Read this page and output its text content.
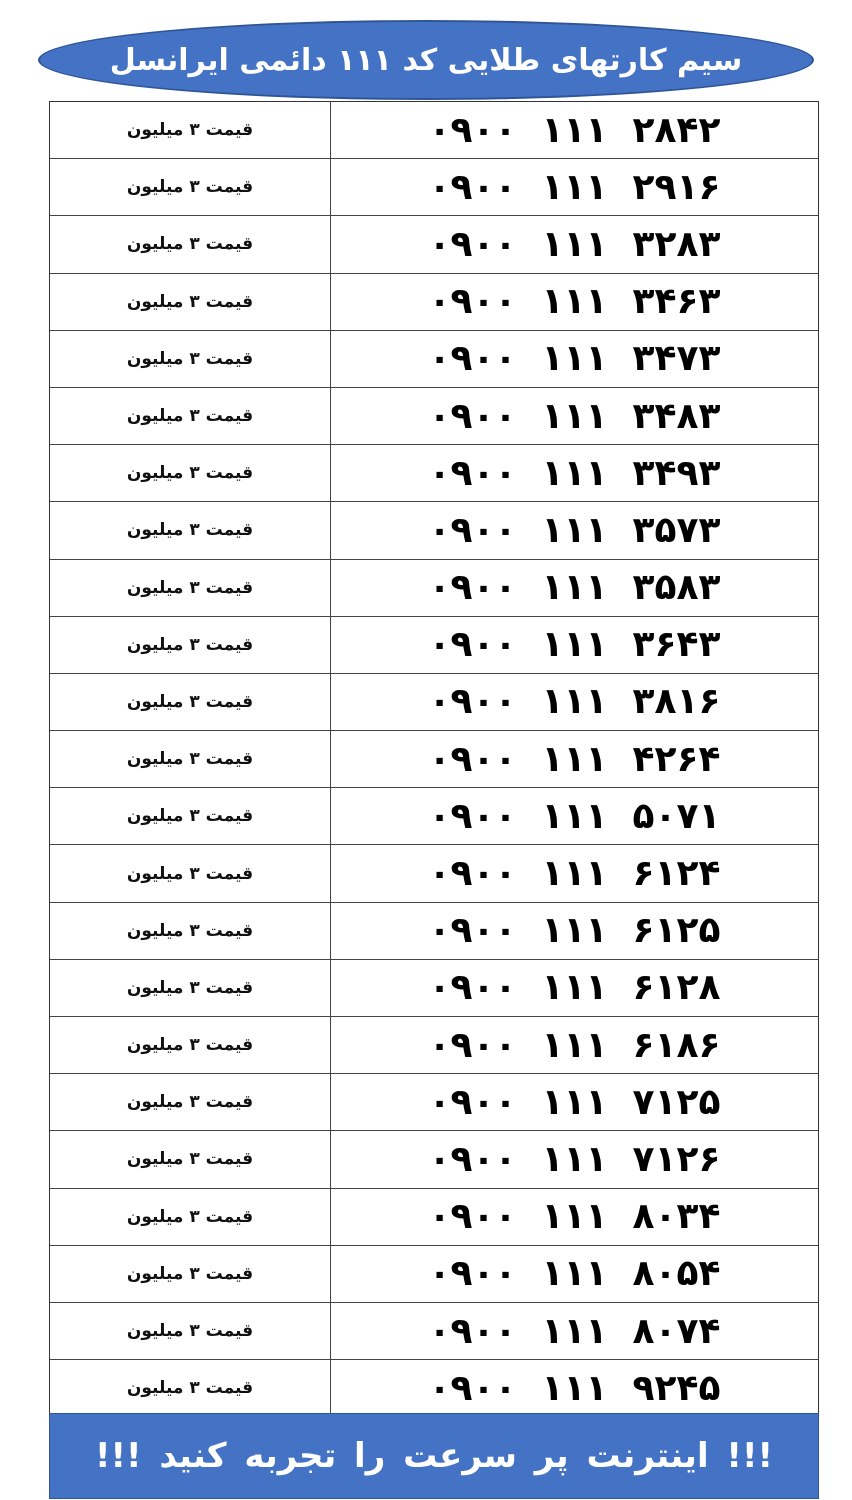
سیم کارتهای طلایی کد ۱۱۱ دائمی ایرانسل
قیمت ۳ میلیون	۰۹۰۰  ۱۱۱  ۲۸۴۲
قیمت ۳ میلیون	۰۹۰۰  ۱۱۱  ۲۹۱۶
قیمت ۳ میلیون	۰۹۰۰  ۱۱۱  ۳۲۸۳
قیمت ۳ میلیون	۰۹۰۰  ۱۱۱  ۳۴۶۳
قیمت ۳ میلیون	۰۹۰۰  ۱۱۱  ۳۴۷۳
قیمت ۳ میلیون	۰۹۰۰  ۱۱۱  ۳۴۸۳
قیمت ۳ میلیون	۰۹۰۰  ۱۱۱  ۳۴۹۳
قیمت ۳ میلیون	۰۹۰۰  ۱۱۱  ۳۵۷۳
قیمت ۳ میلیون	۰۹۰۰  ۱۱۱  ۳۵۸۳
قیمت ۳ میلیون	۰۹۰۰  ۱۱۱  ۳۶۴۳
قیمت ۳ میلیون	۰۹۰۰  ۱۱۱  ۳۸۱۶
قیمت ۳ میلیون	۰۹۰۰  ۱۱۱  ۴۲۶۴
قیمت ۳ میلیون	۰۹۰۰  ۱۱۱  ۵۰۷۱
قیمت ۳ میلیون	۰۹۰۰  ۱۱۱  ۶۱۲۴
قیمت ۳ میلیون	۰۹۰۰  ۱۱۱  ۶۱۲۵
قیمت ۳ میلیون	۰۹۰۰  ۱۱۱  ۶۱۲۸
قیمت ۳ میلیون	۰۹۰۰  ۱۱۱  ۶۱۸۶
قیمت ۳ میلیون	۰۹۰۰  ۱۱۱  ۷۱۲۵
قیمت ۳ میلیون	۰۹۰۰  ۱۱۱  ۷۱۲۶
قیمت ۳ میلیون	۰۹۰۰  ۱۱۱  ۸۰۳۴
قیمت ۳ میلیون	۰۹۰۰  ۱۱۱  ۸۰۵۴
قیمت ۳ میلیون	۰۹۰۰  ۱۱۱  ۸۰۷۴
قیمت ۳ میلیون	۰۹۰۰  ۱۱۱  ۹۲۴۵
!!! اینترنت پر سرعت را تجربه کنید !!!
